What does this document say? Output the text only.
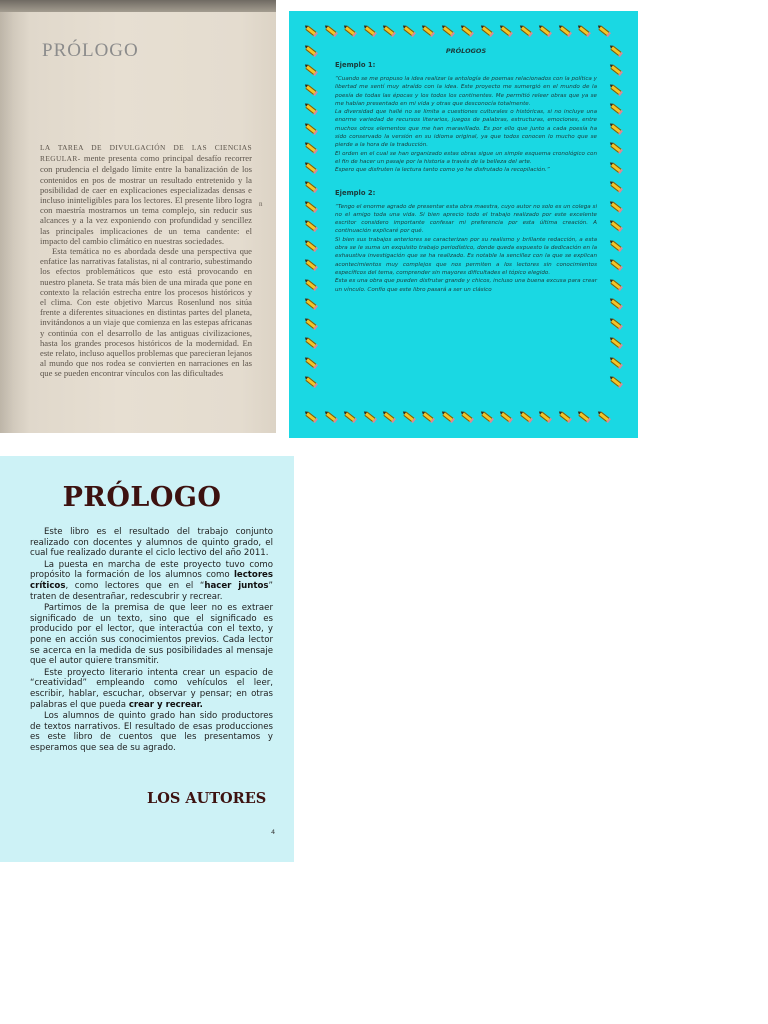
PRÓLOGO

LA TAREA DE DIVULGACIÓN DE LAS CIENCIAS REGULAR- mente presenta como principal desafío recorrer con prudencia el delgado límite entre la banalización de los contenidos en pos de mostrar un resultado entretenido y la posibilidad de caer en explicaciones especializadas densas e incluso ininteligibles para los lectores. El presente libro logra con maestría mostrarnos un tema complejo, sin reducir sus alcances y a la vez exponiendo con profundidad y sencillez las principales implicaciones de un tema candente: el impacto del cambio climático en nuestras sociedades.

Esta temática no es abordada desde una perspectiva que enfatice las narrativas fatalistas, ni al contrario, subestimando los efectos problemáticos que esto está provocando en nuestro planeta. Se trata más bien de una mirada que pone en contexto la relación estrecha entre los procesos históricos y el clima. Con este objetivo Marcus Rosenlund nos sitúa frente a diferentes situaciones en distintas partes del planeta, invitándonos a un viaje que comienza en las estepas africanas y continúa con el desarrollo de las antiguas civilizaciones, hasta los grandes procesos históricos de la modernidad. En este relato, incluso aquellos problemas que parecieran lejanos al mundo que nos rodea se convierten en narraciones en las que se pueden encontrar vínculos con las dificultades

n

PRÓLOGOS

Ejemplo 1:

“Cuando se me propuso la idea realizar la antología de poemas relacionados con la política y libertad me sentí muy atraído con la idea. Este proyecto me sumergió en el mundo de la poesía de todas las épocas y los todos los continentes. Me permitió releer obras que ya se me habían presentado en mi vida y otras que desconocía totalmente.

La diversidad que hallé no se limita a cuestiones culturales o históricas, si no incluye una enorme variedad de recursos literarios, juegos de palabras, estructuras, emociones, entre muchos otros elementos que me han maravillado. Es por ello que junto a cada poesía ha sido conservado la versión en su idioma original, ya que todos conocen lo mucho que se pierde a la hora de la traducción.

El orden en el cual se han organizado estas obras sigue un simple esquema cronológico con el fin de hacer un pasaje por la historia a través de la belleza del arte.

Espero que disfruten la lectura tanto como yo he disfrutado la recopilación.”

Ejemplo 2:

“Tengo el enorme agrado de presentar esta obra maestra, cuyo autor no solo es un colega si no el amigo toda una vida. Si bien aprecio todo el trabajo realizado por este excelente escritor considero importante confesar mi preferencia por esta última creación. A continuación explicaré por qué.

Si bien sus trabajos anteriores se caracterizan por su realismo y brillante redacción, a esta obra se le suma un exquisito trabajo periodístico, donde queda expuesto la dedicación en la exhaustiva investigación que se ha realizado. Es notable la sencillez con la que se explican acontecimientos muy complejos que nos permiten a los lectores sin conocimientos específicos del tema, comprender sin mayores dificultades el tópico elegido.

Esta es una obra que pueden disfrutar grande y chicos, incluso una buena excusa para crear un vínculo. Confío que este libro pasará a ser un clásico

PRÓLOGO

Este libro es el resultado del trabajo conjunto realizado con docentes y alumnos de quinto grado, el cual fue realizado durante el ciclo lectivo del año 2011.

La puesta en marcha de este proyecto tuvo como propósito la formación de los alumnos como lectores críticos, como lectores que en el “hacer juntos” traten de desentrañar, redescubrir y recrear.

Partimos de la premisa de que leer no es extraer significado de un texto, sino que el significado es producido por el lector, que interactúa con el texto, y pone en acción sus conocimientos previos. Cada lector se acerca en la medida de sus posibilidades al mensaje que el autor quiere transmitir.

Este proyecto literario intenta crear un espacio de “creatividad” empleando como vehículos el leer, escribir, hablar, escuchar, observar y pensar; en otras palabras el que pueda crear y recrear.

Los alumnos de quinto grado han sido productores de textos narrativos. El resultado de esas producciones es este libro de cuentos que les presentamos y esperamos que sea de su agrado.

LOS AUTORES

4
